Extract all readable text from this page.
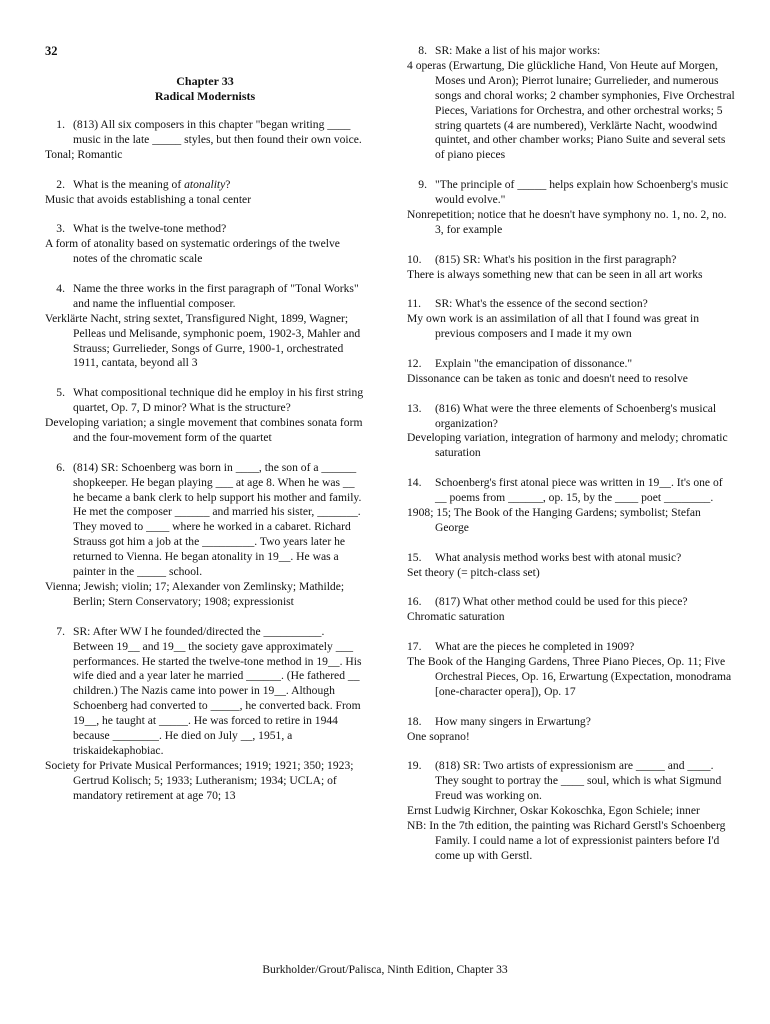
32
Chapter 33
Radical Modernists
1. (813) All six composers in this chapter "began writing ____ music in the late _____ styles, but then found their own voice.
Tonal; Romantic
2. What is the meaning of atonality?
Music that avoids establishing a tonal center
3. What is the twelve-tone method?
A form of atonality based on systematic orderings of the twelve notes of the chromatic scale
4. Name the three works in the first paragraph of "Tonal Works" and name the influential composer.
Verklärte Nacht, string sextet, Transfigured Night, 1899, Wagner; Pelleas und Melisande, symphonic poem, 1902-3, Mahler and Strauss; Gurrelieder, Songs of Gurre, 1900-1, orchestrated 1911, cantata, beyond all 3
5. What compositional technique did he employ in his first string quartet, Op. 7, D minor? What is the structure?
Developing variation; a single movement that combines sonata form and the four-movement form of the quartet
6. (814) SR: Schoenberg was born in ____, the son of a ______ shopkeeper. He began playing ___ at age 8. When he was __ he became a bank clerk to help support his mother and family. He met the composer ______ and married his sister, _______. They moved to ____ where he worked in a cabaret. Richard Strauss got him a job at the _________. Two years later he returned to Vienna. He began atonality in 19__. He was a painter in the _____ school.
Vienna; Jewish; violin; 17; Alexander von Zemlinsky; Mathilde; Berlin; Stern Conservatory; 1908; expressionist
7. SR: After WW I he founded/directed the __________. Between 19__ and 19__ the society gave approximately ___ performances. He started the twelve-tone method in 19__. His wife died and a year later he married ______. (He fathered __ children.) The Nazis came into power in 19__. Although Schoenberg had converted to _____, he converted back. From 19__, he taught at _____. He was forced to retire in 1944 because ________. He died on July __, 1951, a triskaidekaphobiac.
Society for Private Musical Performances; 1919; 1921; 350; 1923; Gertrud Kolisch; 5; 1933; Lutheranism; 1934; UCLA; of mandatory retirement at age 70; 13
8. SR: Make a list of his major works:
4 operas (Erwartung, Die glückliche Hand, Von Heute auf Morgen, Moses und Aron); Pierrot lunaire; Gurrelieder, and numerous songs and choral works; 2 chamber symphonies, Five Orchestral Pieces, Variations for Orchestra, and other orchestral works; 5 string quartets (4 are numbered), Verklärte Nacht, woodwind quintet, and other chamber works; Piano Suite and several sets of piano pieces
9. "The principle of _____ helps explain how Schoenberg's music would evolve."
Nonrepetition; notice that he doesn't have symphony no. 1, no. 2, no. 3, for example
10. (815) SR: What's his position in the first paragraph?
There is always something new that can be seen in all art works
11. SR: What's the essence of the second section?
My own work is an assimilation of all that I found was great in previous composers and I made it my own
12. Explain "the emancipation of dissonance."
Dissonance can be taken as tonic and doesn't need to resolve
13. (816) What were the three elements of Schoenberg's musical organization?
Developing variation, integration of harmony and melody; chromatic saturation
14. Schoenberg's first atonal piece was written in 19__. It's one of __ poems from ______, op. 15, by the ____ poet ________.
1908; 15; The Book of the Hanging Gardens; symbolist; Stefan George
15. What analysis method works best with atonal music?
Set theory (= pitch-class set)
16. (817) What other method could be used for this piece?
Chromatic saturation
17. What are the pieces he completed in 1909?
The Book of the Hanging Gardens, Three Piano Pieces, Op. 11; Five Orchestral Pieces, Op. 16, Erwartung (Expectation, monodrama [one-character opera]), Op. 17
18. How many singers in Erwartung?
One soprano!
19. (818) SR: Two artists of expressionism are _____ and ____. They sought to portray the ____ soul, which is what Sigmund Freud was working on.
Ernst Ludwig Kirchner, Oskar Kokoschka, Egon Schiele; inner
NB: In the 7th edition, the painting was Richard Gerstl's Schoenberg Family. I could name a lot of expressionist painters before I'd come up with Gerstl.
Burkholder/Grout/Palisca, Ninth Edition, Chapter 33
